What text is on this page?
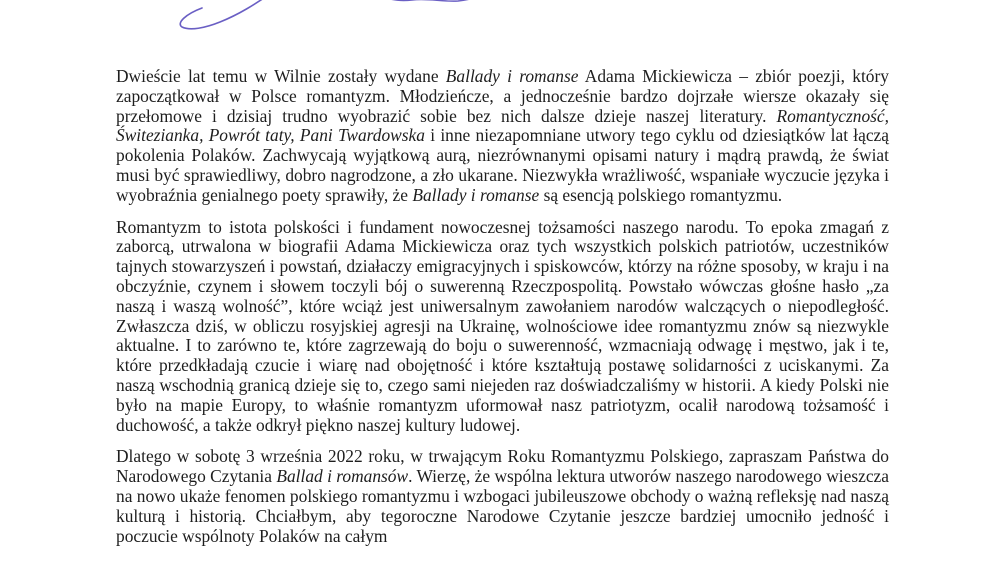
Dwieście lat temu w Wilnie zostały wydane Ballady i romanse Adama Mickiewicza – zbiór poezji, który zapoczątkował w Polsce romantyzm. Młodzieńcze, a jednocześnie bardzo dojrzałe wiersze okazały się przełomowe i dzisiaj trudno wyobrazić sobie bez nich dalsze dzieje naszej literatury. Romantyczność, Świtezianka, Powrót taty, Pani Twardowska i inne niezapomniane utwory tego cyklu od dziesiątków lat łączą pokolenia Polaków. Zachwycają wyjątkową aurą, niezrównanymi opisami natury i mądrą prawdą, że świat musi być sprawiedliwy, dobro nagrodzone, a zło ukarane. Niezwykła wrażliwość, wspaniałe wyczucie języka i wyobraźnia genialnego poety sprawiły, że Ballady i romanse są esencją polskiego romantyzmu.

Romantyzm to istota polskości i fundament nowoczesnej tożsamości naszego narodu. To epoka zmagań z zaborcą, utrwalona w biografii Adama Mickiewicza oraz tych wszystkich polskich patriotów, uczestników tajnych stowarzyszeń i powstań, działaczy emigracyjnych i spiskowców, którzy na różne sposoby, w kraju i na obczyźnie, czynem i słowem toczyli bój o suwerenną Rzeczpospolitą. Powstało wówczas głośne hasło „za naszą i waszą wolność”, które wciąż jest uniwersalnym zawołaniem narodów walczących o niepodległość. Zwłaszcza dziś, w obliczu rosyjskiej agresji na Ukrainę, wolnościowe idee romantyzmu znów są niezwykle aktualne. I to zarówno te, które zagrzewają do boju o suwerenność, wzmacniają odwagę i męstwo, jak i te, które przedkładają czucie i wiarę nad obojętność i które kształtują postawę solidarności z uciskanymi. Za naszą wschodnią granicą dzieje się to, czego sami niejeden raz doświadczaliśmy w historii. A kiedy Polski nie było na mapie Europy, to właśnie romantyzm uformował nasz patriotyzm, ocalił narodową tożsamość i duchowość, a także odkrył piękno naszej kultury ludowej.

Dlatego w sobotę 3 września 2022 roku, w trwającym Roku Romantyzmu Polskiego, zapraszam Państwa do Narodowego Czytania Ballad i romansów. Wierzę, że wspólna lektura utworów naszego narodowego wieszcza na nowo ukaże fenomen polskiego romantyzmu i wzbogaci jubileuszowe obchody o ważną refleksję nad naszą kulturą i historią. Chciałbym, aby tegoroczne Narodowe Czytanie jeszcze bardziej umocniło jedność i poczucie wspólnoty Polaków na całym
